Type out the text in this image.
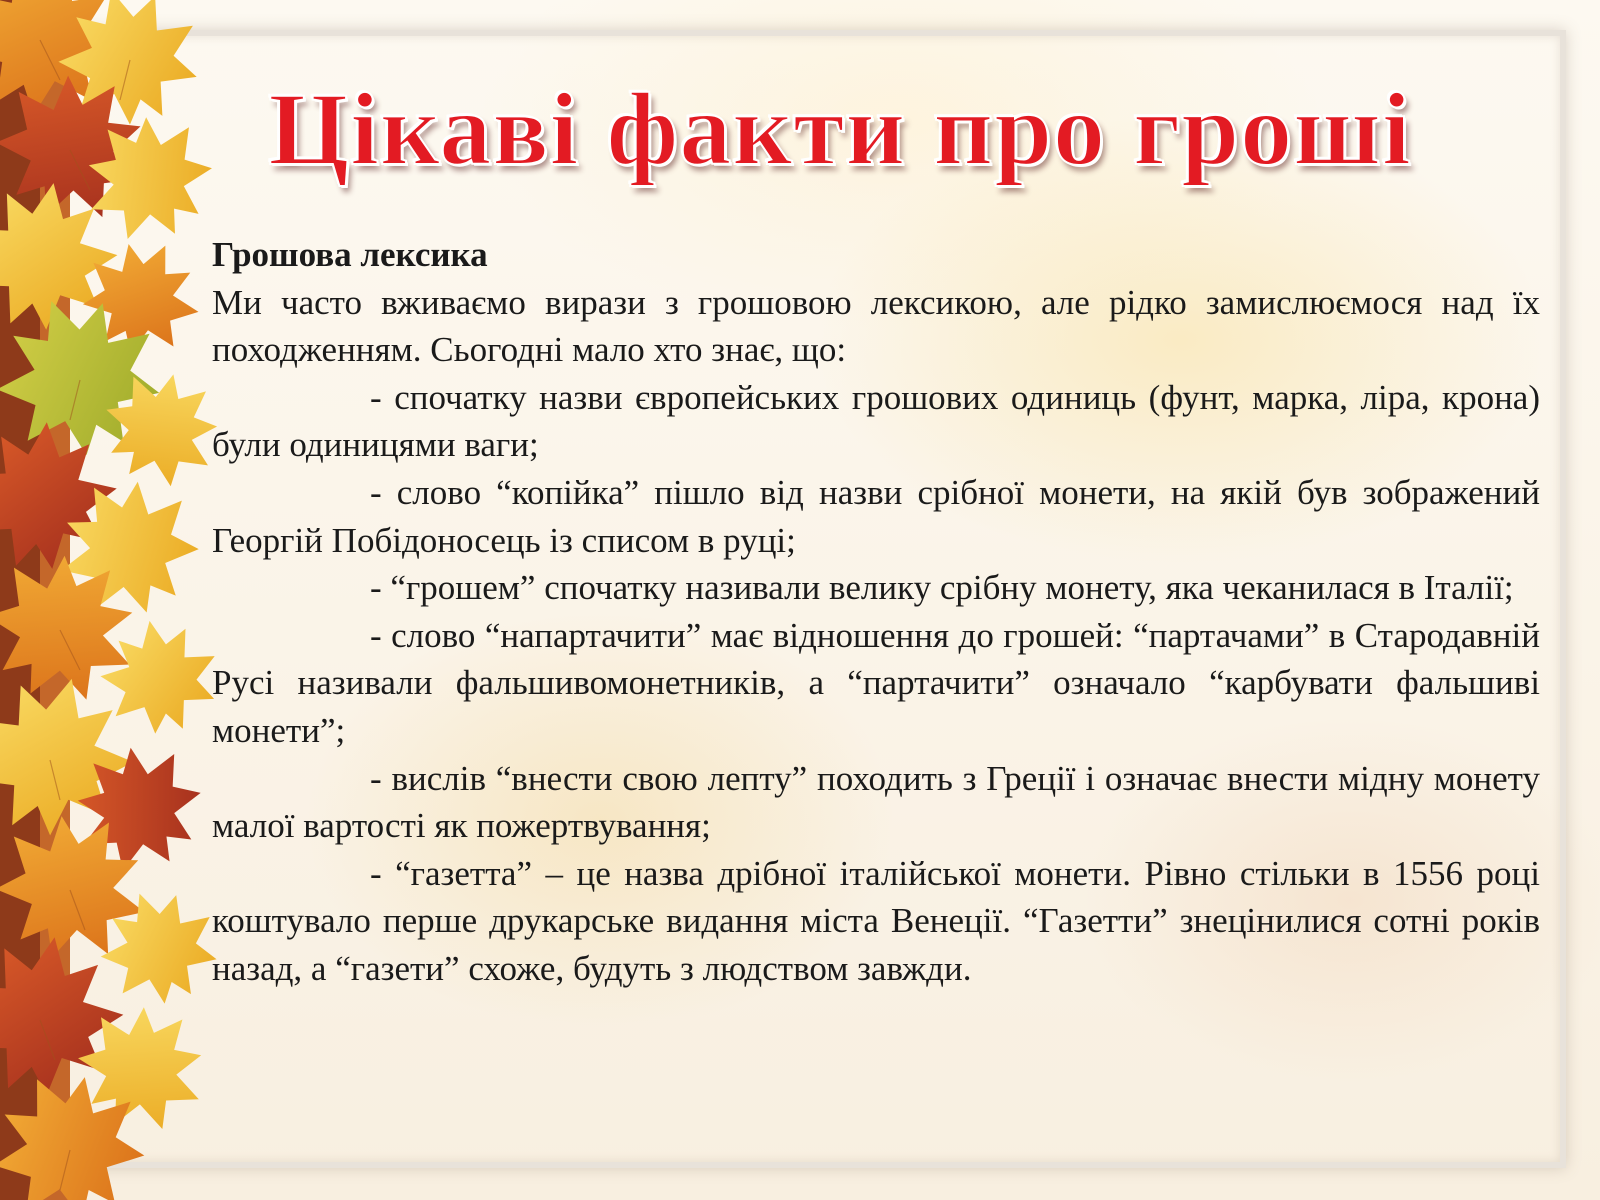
Цікаві факти про гроші

Грошова лексика

Ми часто вживаємо вирази з грошовою лексикою, але рідко замислюємося над їх походженням. Сьогодні мало хто знає, що:

- спочатку назви європейських грошових одиниць (фунт, марка, ліра, крона) були одиницями ваги;

- слово “копійка” пішло від назви срібної монети, на якій був зображений Георгій Побідоносець із списом в руці;

- “грошем” спочатку називали велику срібну монету, яка чеканилася в Італії;

- слово “напартачити” має відношення до грошей: “партачами” в Стародавній Русі називали фальшивомонетників, а “партачити” означало “карбувати фальшиві монети”;

- вислів “внести свою лепту” походить з Греції і означає внести мідну монету малої вартості як пожертвування;

- “газетта” – це назва дрібної італійської монети. Рівно стільки в 1556 році коштувало перше друкарське видання міста Венеції. “Газетти” знецінилися сотні років назад, а “газети” схоже, будуть з людством завжди.
